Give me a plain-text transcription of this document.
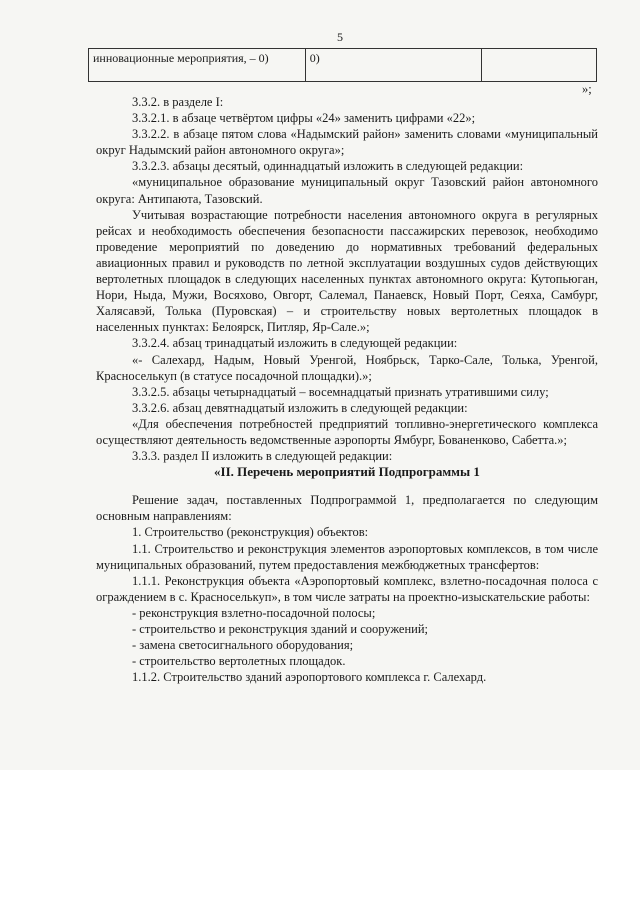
5
инновационные мероприятия, – 0)	0)	
»;

3.3.2. в разделе I:

3.3.2.1. в абзаце четвёртом цифры «24» заменить цифрами «22»;

3.3.2.2. в абзаце пятом слова «Надымский район» заменить словами «муниципальный округ Надымский район автономного округа»;

3.3.2.3. абзацы десятый, одиннадцатый изложить в следующей редакции:

«муниципальное образование муниципальный округ Тазовский район автономного округа: Антипаюта, Тазовский.

Учитывая возрастающие потребности населения автономного округа в регулярных рейсах и необходимость обеспечения безопасности пассажирских перевозок, необходимо проведение мероприятий по доведению до нормативных требований федеральных авиационных правил и руководств по летной эксплуатации воздушных судов действующих вертолетных площадок в следующих населенных пунктах автономного округа: Кутопьюган, Нори, Ныда, Мужи, Восяхово, Овгорт, Салемал, Панаевск, Новый Порт, Сеяха, Самбург, Халясавэй, Толька (Пуровская) – и строительству новых вертолетных площадок в населенных пунктах: Белоярск, Питляр, Яр-Сале.»;

3.3.2.4. абзац тринадцатый изложить в следующей редакции:

«- Салехард, Надым, Новый Уренгой, Ноябрьск, Тарко-Сале, Толька, Уренгой, Красноселькуп (в статусе посадочной площадки).»;

3.3.2.5. абзацы четырнадцатый – восемнадцатый признать утратившими силу;

3.3.2.6. абзац девятнадцатый изложить в следующей редакции:

«Для обеспечения потребностей предприятий топливно-энергетического комплекса осуществляют деятельность ведомственные аэропорты Ямбург, Бованенково, Сабетта.»;

3.3.3. раздел II изложить в следующей редакции:

«II. Перечень мероприятий Подпрограммы 1

Решение задач, поставленных Подпрограммой 1, предполагается по следующим основным направлениям:

1. Строительство (реконструкция) объектов:

1.1. Строительство и реконструкция элементов аэропортовых комплексов, в том числе муниципальных образований, путем предоставления межбюджетных трансфертов:

1.1.1. Реконструкция объекта «Аэропортовый комплекс, взлетно-посадочная полоса с ограждением в с. Красноселькуп», в том числе затраты на проектно-изыскательские работы:

- реконструкция взлетно-посадочной полосы;

- строительство и реконструкция зданий и сооружений;

- замена светосигнального оборудования;

- строительство вертолетных площадок.

1.1.2. Строительство зданий аэропортового комплекса г. Салехард.
